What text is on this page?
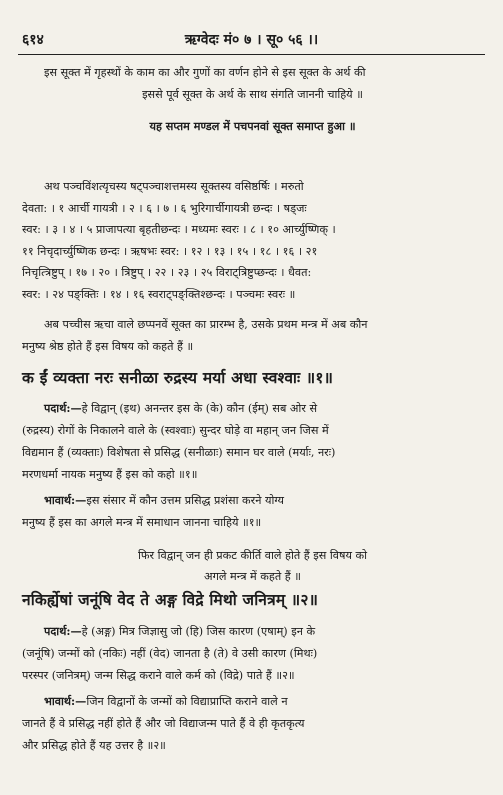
६१४	ऋग्वेदः मं० ७ । सू० ५६ ।।

इस सूक्त में गृहस्थों के काम का और गुणों का वर्णन होने से इस सूक्त के अर्थ की

इससे पूर्व सूक्त के अर्थ के साथ संगति जाननी चाहिये ॥

यह सप्तम मण्डल में पचपनवां सूक्त समाप्त हुआ ॥

अथ पञ्चविंशत्यृचस्य षट्पञ्चाशत्तमस्य सूक्तस्य वसिष्ठर्षिः । मरुतो

देवता: । १ आर्ची गायत्री । २ । ६ । ७ । ६ भुरिगार्चीगायत्री छन्दः । षड्जः

स्वर: । ३ । ४ । ५ प्राजापत्या बृहतीछन्दः । मध्यमः स्वरः । ८ । १० आर्च्युष्णिक् ।

११ निचृदार्च्युष्णिक छन्दः । ऋषभः स्वर: । १२ । १३ । १५ । १८ । १६ । २१

निचृत्त्रिष्टुप् । १७ । २० । त्रिष्टुप् । २२ । २३ । २५ विराट्त्रिष्टुप्छन्दः । धैवत:

स्वर: । २४ पङ्क्तिः । १४ । १६ स्वराट्पङ्क्तिश्छन्दः । पञ्चमः स्वरः ॥

अब पच्चीस ऋचा वाले छप्पनवें सूक्त का प्रारम्भ है, उसके प्रथम मन्त्र में अब कौन

मनुष्य श्रेष्ठ होते हैं इस विषय को कहते हैं ॥

क ईं व्यक्ता नरः सनीळा रुद्रस्य मर्या अधा स्वश्वाः ॥१॥

पदार्थ:—हे विद्वान् (इथ) अनन्तर इस के (के) कौन (ईम्) सब ओर से

(रुद्रस्य) रोगों के निकालने वाले के (स्वश्वाः) सुन्दर घोड़े वा महान् जन जिस में

विद्यमान हैं (व्यक्ताः) विशेषता से प्रसिद्ध (सनीळाः) समान घर वाले (मर्याः, नरः)

मरणधर्मा नायक मनुष्य हैं इस को कहो ॥१॥

भावार्थ:—इस संसार में कौन उत्तम प्रसिद्ध प्रशंसा करने योग्य

मनुष्य हैं इस का अगले मन्त्र में समाधान जानना चाहिये ॥१॥

फिर विद्वान् जन ही प्रकट कीर्ति वाले होते हैं इस विषय को

अगले मन्त्र में कहते हैं ॥

नकिर्ह्येषां जनूंषि वेद ते अङ्ग विद्रे मिथो जनित्रम् ॥२॥

पदार्थ:—हे (अङ्ग) मित्र जिज्ञासु जो (हि) जिस कारण (एषाम्) इन के

(जनूंषि) जन्मों को (नकिः) नहीं (वेद) जानता है (ते) वे उसी कारण (मिथः)

परस्पर (जनित्रम्) जन्म सिद्ध कराने वाले कर्म को (विद्रे) पाते हैं ॥२॥

भावार्थ:—जिन विद्वानों के जन्मों को विद्याप्राप्ति कराने वाले न

जानते हैं वे प्रसिद्ध नहीं होते हैं और जो विद्याजन्म पाते हैं वे ही कृतकृत्य

और प्रसिद्ध होते हैं यह उत्तर है ॥२॥
